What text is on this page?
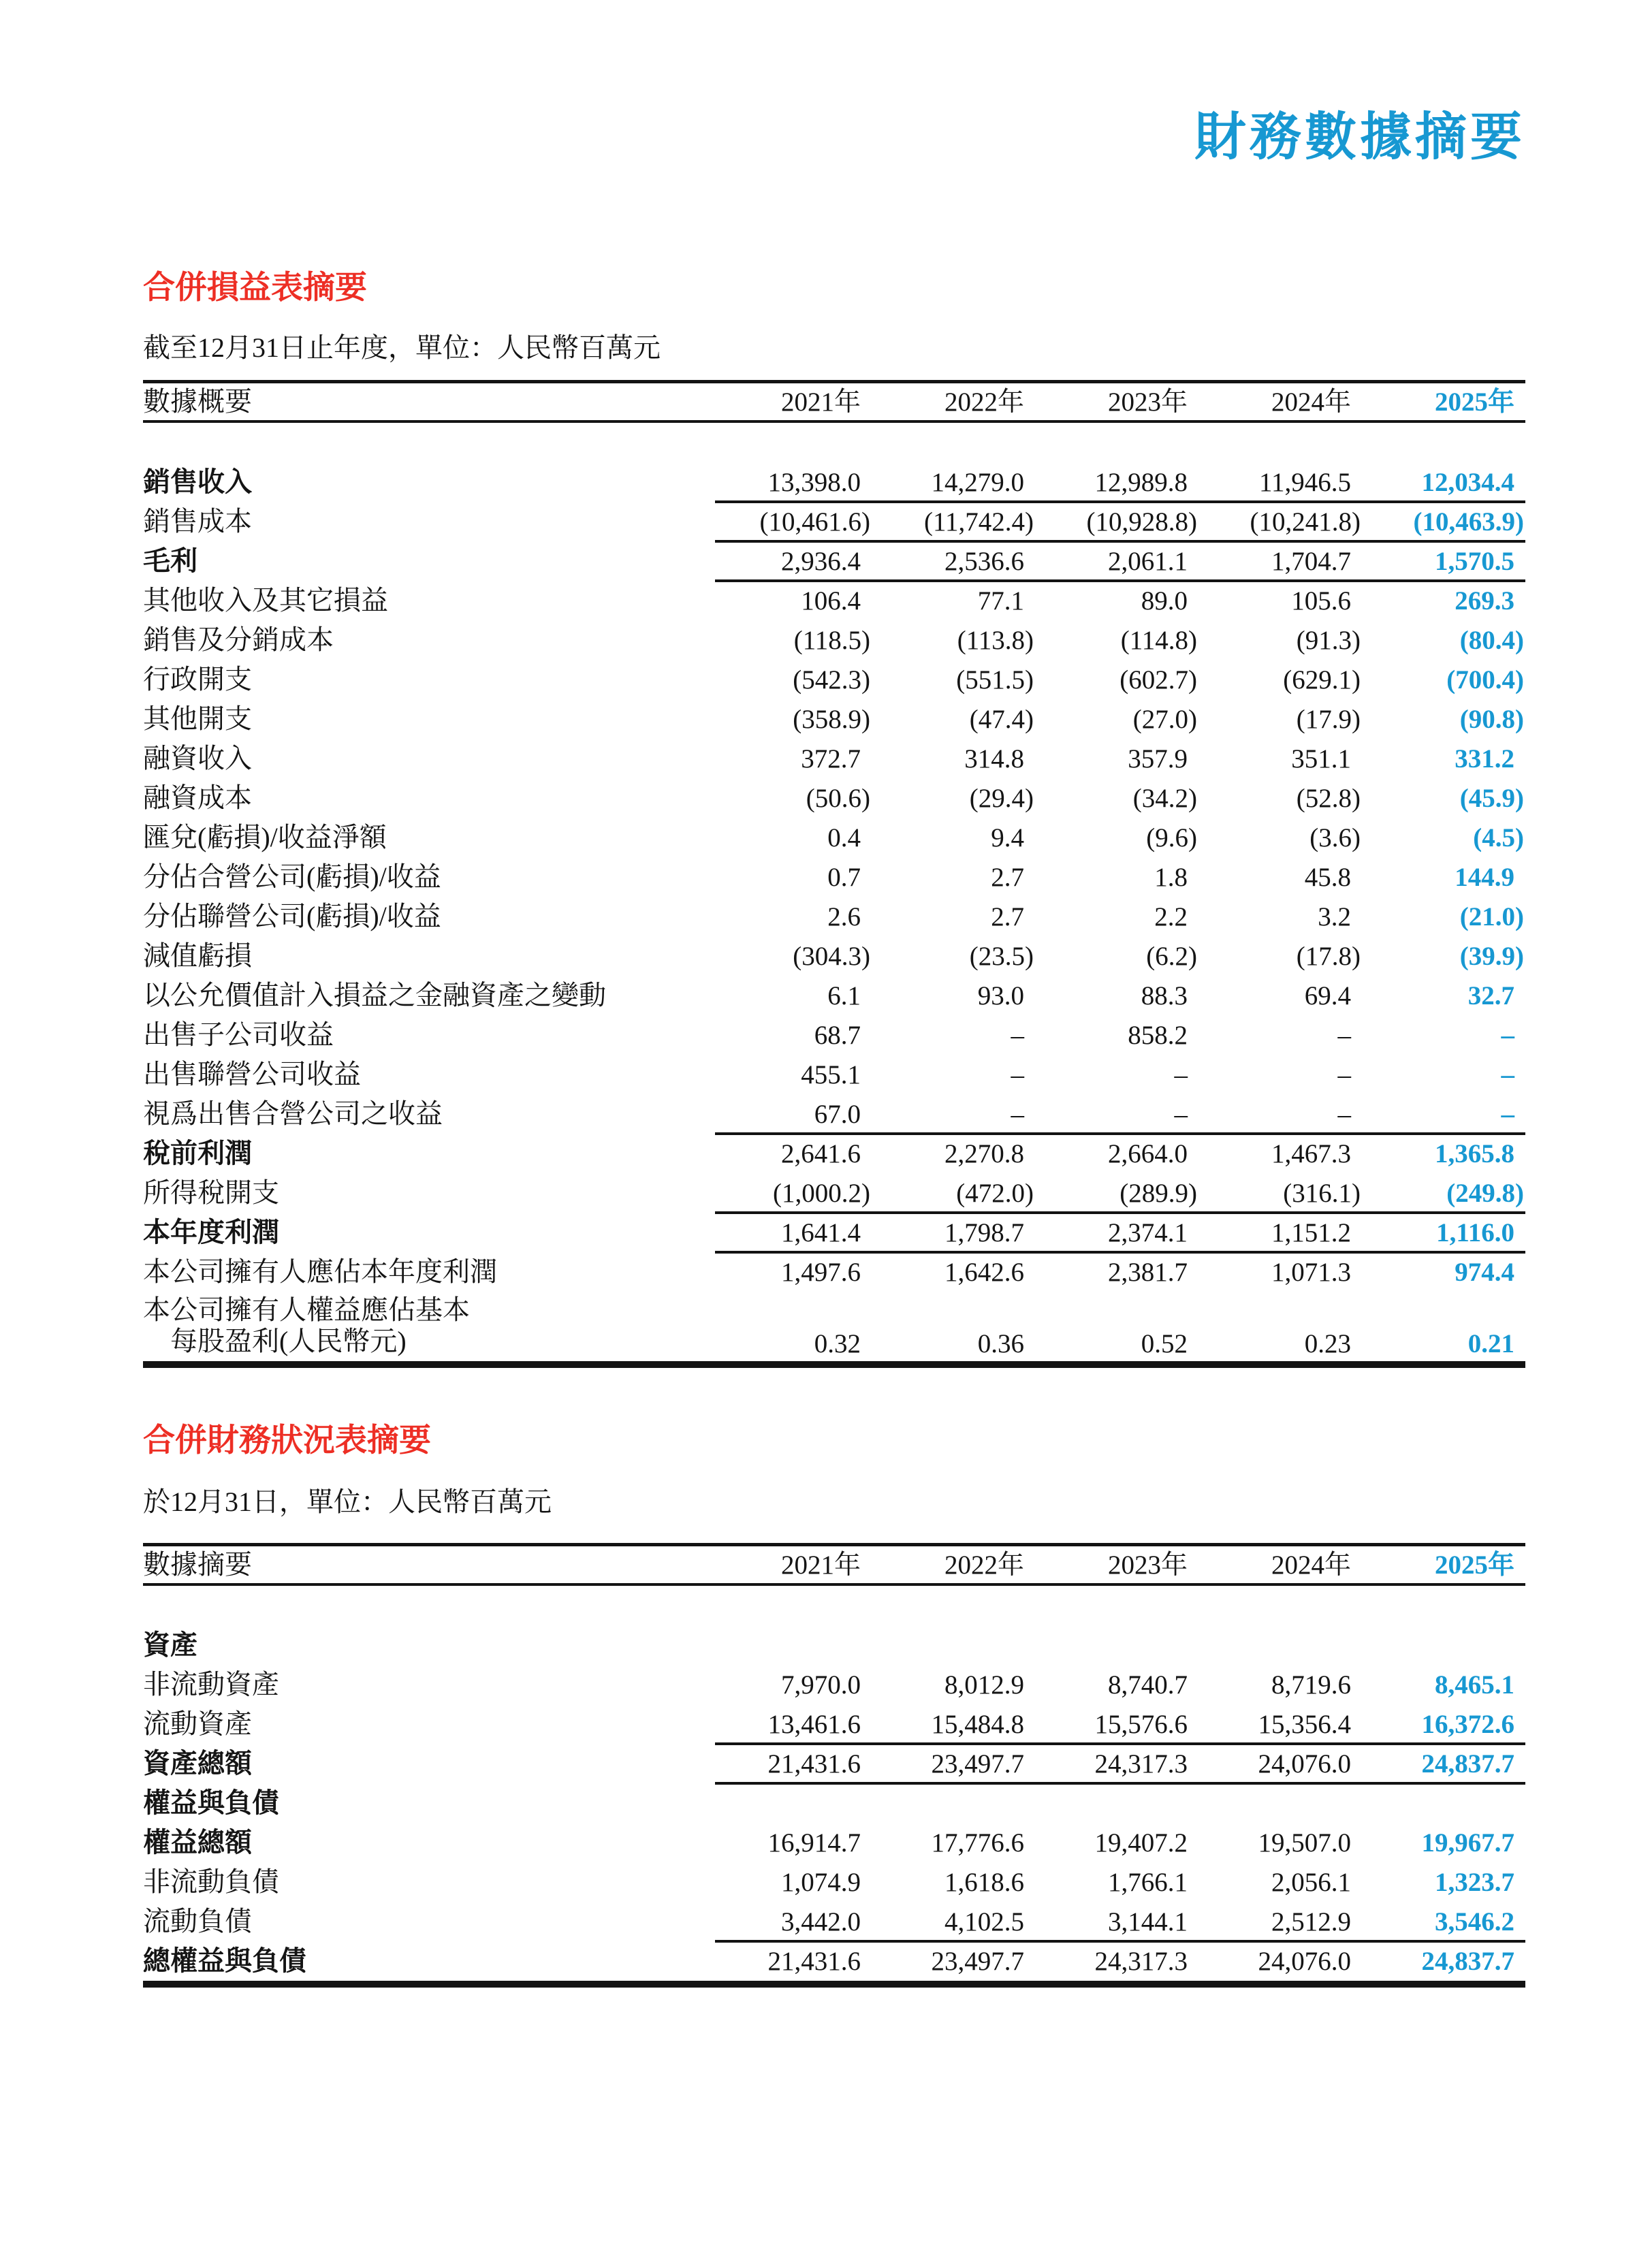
財務數據摘要
合併損益表摘要
截至12月31日止年度，單位：人民幣百萬元
數據概要	2021年	2022年	2023年	2024年	2025年
銷售收入	13,398.0	14,279.0	12,989.8	11,946.5	12,034.4
銷售成本	(10,461.6)	(11,742.4)	(10,928.8)	(10,241.8)	(10,463.9)
毛利	2,936.4	2,536.6	2,061.1	1,704.7	1,570.5
其他收入及其它損益	106.4	77.1	89.0	105.6	269.3
銷售及分銷成本	(118.5)	(113.8)	(114.8)	(91.3)	(80.4)
行政開支	(542.3)	(551.5)	(602.7)	(629.1)	(700.4)
其他開支	(358.9)	(47.4)	(27.0)	(17.9)	(90.8)
融資收入	372.7	314.8	357.9	351.1	331.2
融資成本	(50.6)	(29.4)	(34.2)	(52.8)	(45.9)
匯兌(虧損)/收益淨額	0.4	9.4	(9.6)	(3.6)	(4.5)
分佔合營公司(虧損)/收益	0.7	2.7	1.8	45.8	144.9
分佔聯營公司(虧損)/收益	2.6	2.7	2.2	3.2	(21.0)
減值虧損	(304.3)	(23.5)	(6.2)	(17.8)	(39.9)
以公允價值計入損益之金融資產之變動	6.1	93.0	88.3	69.4	32.7
出售子公司收益	68.7	–	858.2	–	–
出售聯營公司收益	455.1	–	–	–	–
視爲出售合營公司之收益	67.0	–	–	–	–
稅前利潤	2,641.6	2,270.8	2,664.0	1,467.3	1,365.8
所得稅開支	(1,000.2)	(472.0)	(289.9)	(316.1)	(249.8)
本年度利潤	1,641.4	1,798.7	2,374.1	1,151.2	1,116.0
本公司擁有人應佔本年度利潤	1,497.6	1,642.6	2,381.7	1,071.3	974.4
本公司擁有人權益應佔基本
每股盈利(人民幣元)	0.32	0.36	0.52	0.23	0.21
合併財務狀況表摘要
於12月31日，單位：人民幣百萬元
數據摘要	2021年	2022年	2023年	2024年	2025年
資產
非流動資產	7,970.0	8,012.9	8,740.7	8,719.6	8,465.1
流動資產	13,461.6	15,484.8	15,576.6	15,356.4	16,372.6
資產總額	21,431.6	23,497.7	24,317.3	24,076.0	24,837.7
權益與負債
權益總額	16,914.7	17,776.6	19,407.2	19,507.0	19,967.7
非流動負債	1,074.9	1,618.6	1,766.1	2,056.1	1,323.7
流動負債	3,442.0	4,102.5	3,144.1	2,512.9	3,546.2
總權益與負債	21,431.6	23,497.7	24,317.3	24,076.0	24,837.7
